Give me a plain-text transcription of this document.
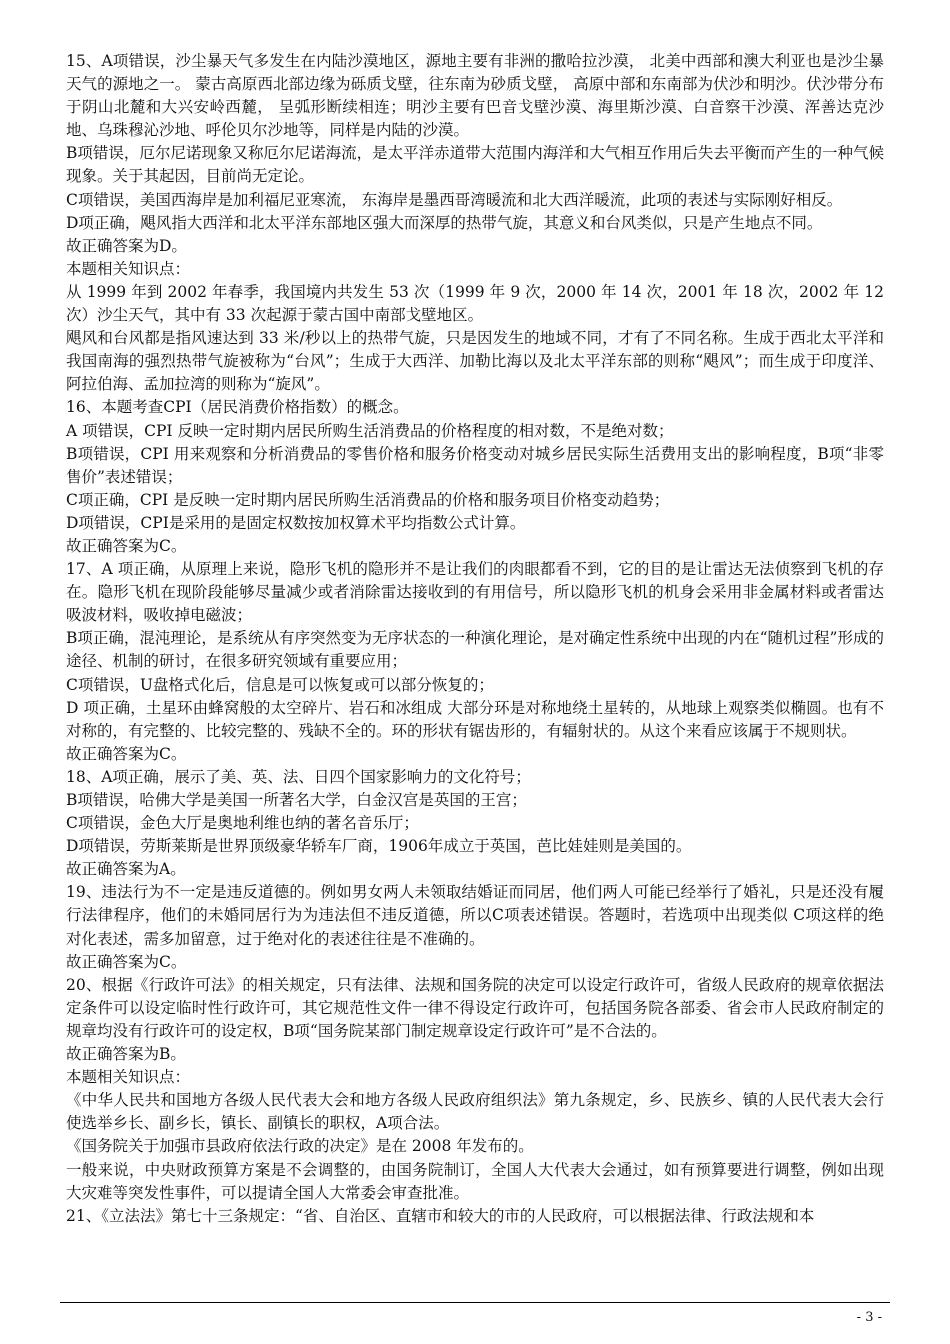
15、A项错误，沙尘暴天气多发生在内陆沙漠地区，源地主要有非洲的撒哈拉沙漠， 北美中西部和澳大利亚也是沙尘暴天气的源地之一。 蒙古高原西北部边缘为砾质戈壁，往东南为砂质戈壁， 高原中部和东南部为伏沙和明沙。伏沙带分布于阴山北麓和大兴安岭西麓， 呈弧形断续相连；明沙主要有巴音戈壁沙漠、海里斯沙漠、白音察干沙漠、浑善达克沙地、乌珠穆沁沙地、呼伦贝尔沙地等，同样是内陆的沙漠。

B项错误，厄尔尼诺现象又称厄尔尼诺海流，是太平洋赤道带大范围内海洋和大气相互作用后失去平衡而产生的一种气候现象。关于其起因，目前尚无定论。

C项错误，美国西海岸是加利福尼亚寒流， 东海岸是墨西哥湾暖流和北大西洋暖流，此项的表述与实际刚好相反。

D项正确，飓风指大西洋和北太平洋东部地区强大而深厚的热带气旋，其意义和台风类似，只是产生地点不同。

故正确答案为D。

本题相关知识点：

从 1999 年到 2002 年春季，我国境内共发生 53 次（1999 年 9 次，2000 年 14 次，2001 年 18 次，2002 年 12 次）沙尘天气，其中有 33 次起源于蒙古国中南部戈壁地区。

飓风和台风都是指风速达到 33 米/秒以上的热带气旋，只是因发生的地域不同，才有了不同名称。生成于西北太平洋和我国南海的强烈热带气旋被称为“台风”；生成于大西洋、加勒比海以及北太平洋东部的则称“飓风”；而生成于印度洋、阿拉伯海、孟加拉湾的则称为“旋风”。

16、本题考查CPI（居民消费价格指数）的概念。

A 项错误，CPI 反映一定时期内居民所购生活消费品的价格程度的相对数，不是绝对数；

B项错误，CPI 用来观察和分析消费品的零售价格和服务价格变动对城乡居民实际生活费用支出的影响程度，B项“非零售价”表述错误；

C项正确，CPI 是反映一定时期内居民所购生活消费品的价格和服务项目价格变动趋势；

D项错误，CPI是采用的是固定权数按加权算术平均指数公式计算。

故正确答案为C。

17、A 项正确，从原理上来说，隐形飞机的隐形并不是让我们的肉眼都看不到，它的目的是让雷达无法侦察到飞机的存在。隐形飞机在现阶段能够尽量减少或者消除雷达接收到的有用信号，所以隐形飞机的机身会采用非金属材料或者雷达吸波材料，吸收掉电磁波；

B项正确，混沌理论，是系统从有序突然变为无序状态的一种演化理论，是对确定性系统中出现的内在“随机过程”形成的途径、机制的研讨，在很多研究领域有重要应用；

C项错误，U盘格式化后，信息是可以恢复或可以部分恢复的；

D 项正确，土星环由蜂窝般的太空碎片、岩石和冰组成 大部分环是对称地绕土星转的，从地球上观察类似椭圆。也有不对称的，有完整的、比较完整的、残缺不全的。环的形状有锯齿形的，有辐射状的。从这个来看应该属于不规则状。

故正确答案为C。

18、A项正确，展示了美、英、法、日四个国家影响力的文化符号；

B项错误，哈佛大学是美国一所著名大学，白金汉宫是英国的王宫；

C项错误，金色大厅是奥地利维也纳的著名音乐厅；

D项错误，劳斯莱斯是世界顶级豪华轿车厂商，1906年成立于英国，芭比娃娃则是美国的。

故正确答案为A。

19、违法行为不一定是违反道德的。例如男女两人未领取结婚证而同居，他们两人可能已经举行了婚礼，只是还没有履行法律程序，他们的未婚同居行为为违法但不违反道德，所以C项表述错误。答题时，若选项中出现类似 C项这样的绝对化表述，需多加留意，过于绝对化的表述往往是不准确的。

故正确答案为C。

20、根据《行政许可法》的相关规定，只有法律、法规和国务院的决定可以设定行政许可，省级人民政府的规章依据法定条件可以设定临时性行政许可，其它规范性文件一律不得设定行政许可，包括国务院各部委、省会市人民政府制定的规章均没有行政许可的设定权，B项“国务院某部门制定规章设定行政许可”是不合法的。

故正确答案为B。

本题相关知识点：

《中华人民共和国地方各级人民代表大会和地方各级人民政府组织法》第九条规定，乡、民族乡、镇的人民代表大会行使选举乡长、副乡长，镇长、副镇长的职权，A项合法。

《国务院关于加强市县政府依法行政的决定》是在 2008 年发布的。

一般来说，中央财政预算方案是不会调整的，由国务院制订，全国人大代表大会通过，如有预算要进行调整，例如出现大灾难等突发性事件，可以提请全国人大常委会审查批准。

21、《立法法》第七十三条规定：“省、自治区、直辖市和较大的市的人民政府，可以根据法律、行政法规和本

- 3 -
